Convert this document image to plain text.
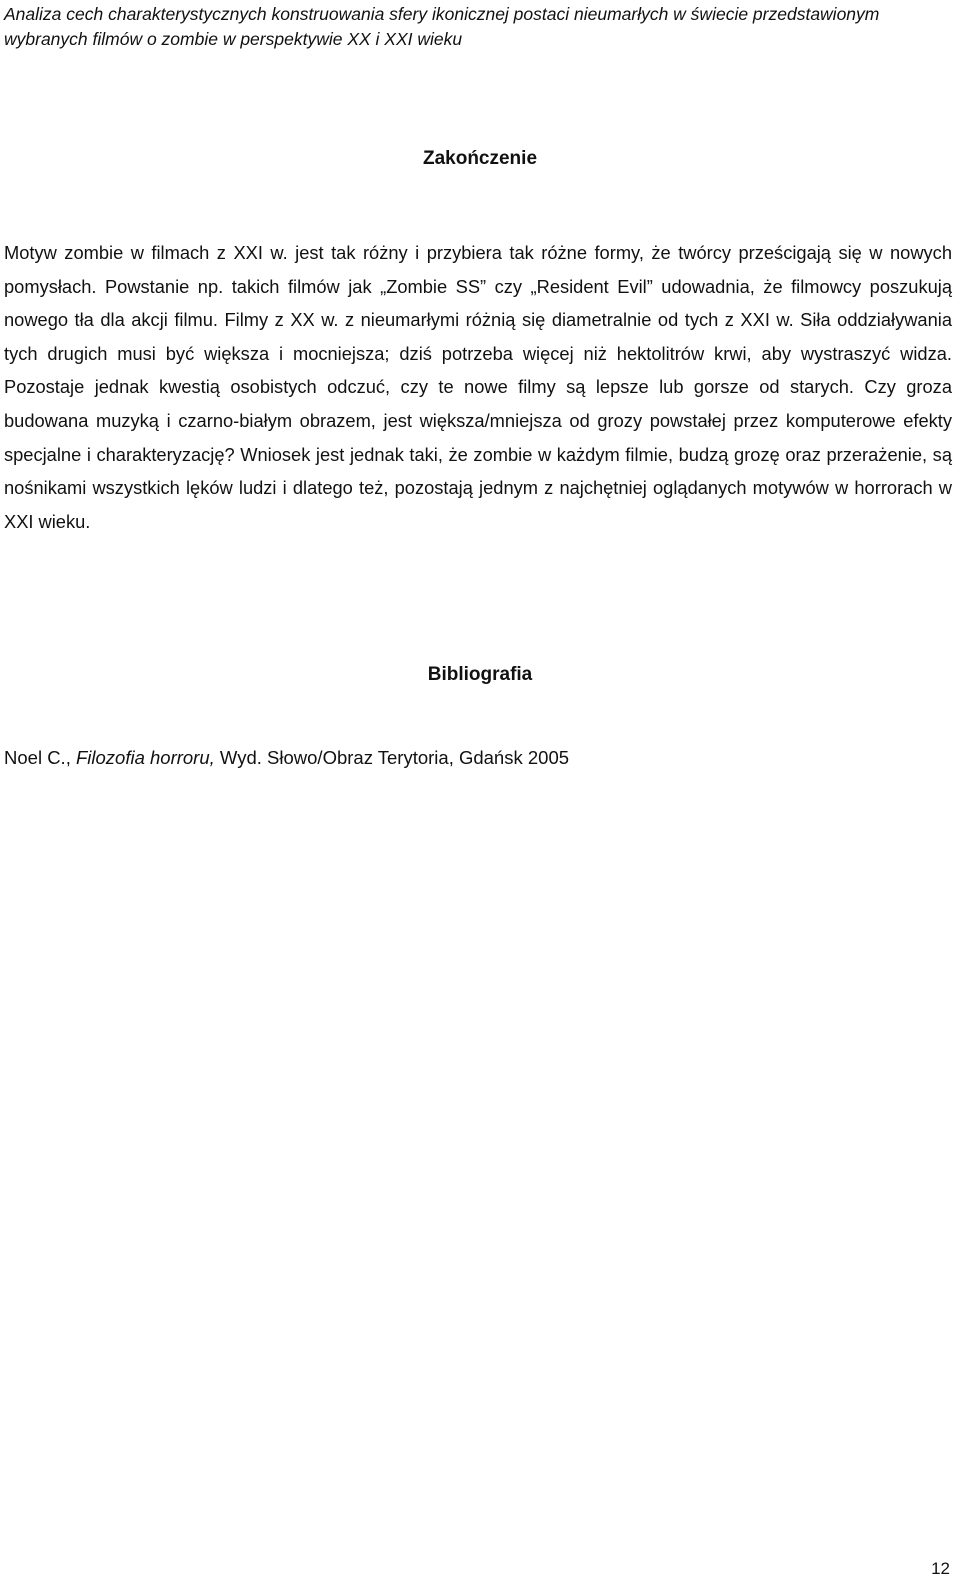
Analiza cech charakterystycznych konstruowania sfery ikonicznej postaci nieumarłych w świecie przedstawionym wybranych filmów o zombie w perspektywie XX i XXI wieku
Zakończenie

Motyw zombie w filmach z XXI w. jest tak różny i przybiera tak różne formy, że twórcy prześcigają się w nowych pomysłach. Powstanie np. takich filmów jak „Zombie SS” czy „Resident Evil” udowadnia, że filmowcy poszukują nowego tła dla akcji filmu. Filmy z XX w. z nieumarłymi różnią się diametralnie od tych z XXI w. Siła oddziaływania tych drugich musi być większa i mocniejsza; dziś potrzeba więcej niż hektolitrów krwi, aby wystraszyć widza. Pozostaje jednak kwestią osobistych odczuć, czy te nowe filmy są lepsze lub gorsze od starych. Czy groza budowana muzyką i czarno-białym obrazem, jest większa/mniejsza od grozy powstałej przez komputerowe efekty specjalne i charakteryzację? Wniosek jest jednak taki, że zombie w każdym filmie, budzą grozę oraz przerażenie, są nośnikami wszystkich lęków ludzi i dlatego też, pozostają jednym z najchętniej oglądanych motywów w horrorach w XXI wieku.

Bibliografia
Noel C., Filozofia horroru, Wyd. Słowo/Obraz Terytoria, Gdańsk 2005
12
